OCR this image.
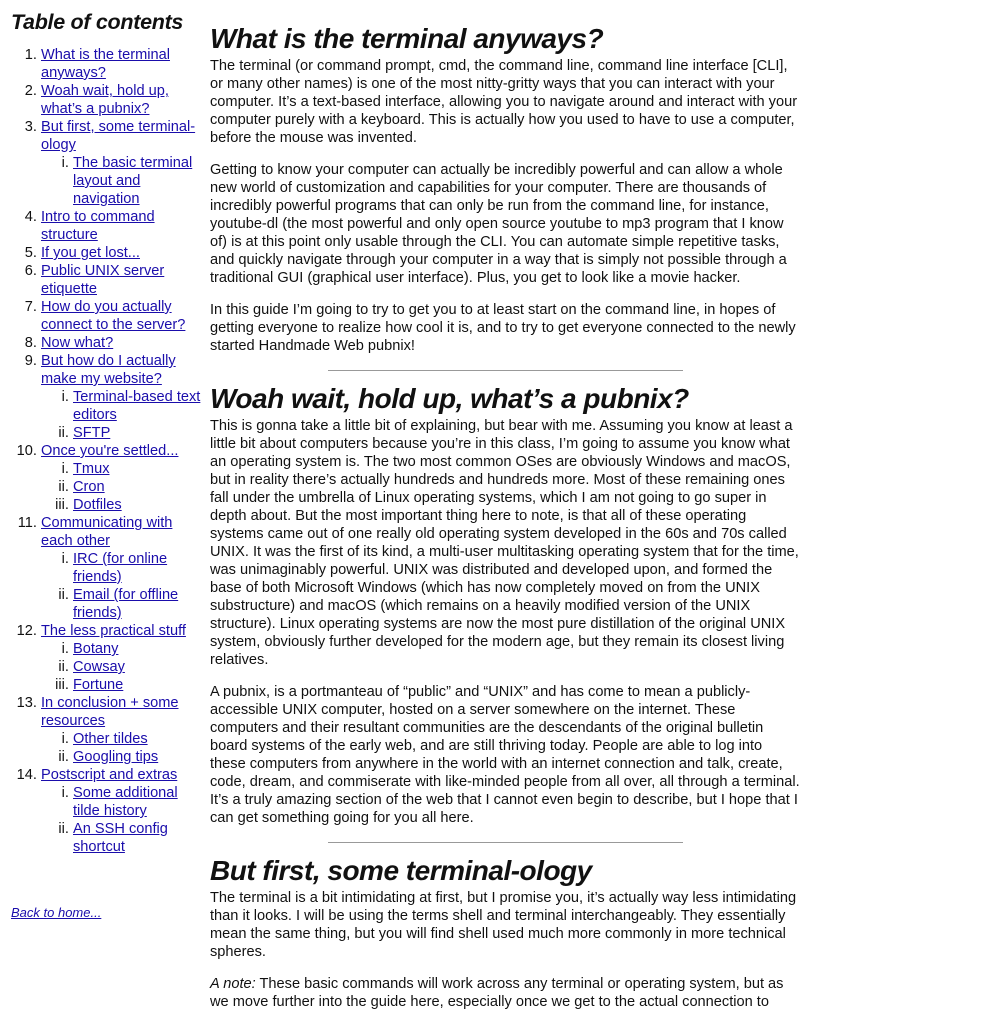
Table of contents
1. What is the terminal anyways?
2. Woah wait, hold up, what’s a pubnix?
3. But first, some terminal-ology
i. The basic terminal layout and navigation
4. Intro to command structure
5. If you get lost...
6. Public UNIX server etiquette
7. How do you actually connect to the server?
8. Now what?
9. But how do I actually make my website?
i. Terminal-based text editors
ii. SFTP
10. Once you're settled...
i. Tmux
ii. Cron
iii. Dotfiles
11. Communicating with each other
i. IRC (for online friends)
ii. Email (for offline friends)
12. The less practical stuff
i. Botany
ii. Cowsay
iii. Fortune
13. In conclusion + some resources
i. Other tildes
ii. Googling tips
14. Postscript and extras
i. Some additional tilde history
ii. An SSH config shortcut
Back to home...
What is the terminal anyways?

The terminal (or command prompt, cmd, the command line, command line interface [CLI], or many other names) is one of the most nitty-gritty ways that you can interact with your computer. It’s a text-based interface, allowing you to navigate around and interact with your computer purely with a keyboard. This is actually how you used to have to use a computer, before the mouse was invented.

Getting to know your computer can actually be incredibly powerful and can allow a whole new world of customization and capabilities for your computer. There are thousands of incredibly powerful programs that can only be run from the command line, for instance, youtube-dl (the most powerful and only open source youtube to mp3 program that I know of) is at this point only usable through the CLI. You can automate simple repetitive tasks, and quickly navigate through your computer in a way that is simply not possible through a traditional GUI (graphical user interface). Plus, you get to look like a movie hacker.

In this guide I’m going to try to get you to at least start on the command line, in hopes of getting everyone to realize how cool it is, and to try to get everyone connected to the newly started Handmade Web pubnix!

Woah wait, hold up, what’s a pubnix?

This is gonna take a little bit of explaining, but bear with me. Assuming you know at least a little bit about computers because you’re in this class, I’m going to assume you know what an operating system is. The two most common OSes are obviously Windows and macOS, but in reality there’s actually hundreds and hundreds more. Most of these remaining ones fall under the umbrella of Linux operating systems, which I am not going to go super in depth about. But the most important thing here to note, is that all of these operating systems came out of one really old operating system developed in the 60s and 70s called UNIX. It was the first of its kind, a multi-user multitasking operating system that for the time, was unimaginably powerful. UNIX was distributed and developed upon, and formed the base of both Microsoft Windows (which has now completely moved on from the UNIX substructure) and macOS (which remains on a heavily modified version of the UNIX structure). Linux operating systems are now the most pure distillation of the original UNIX system, obviously further developed for the modern age, but they remain its closest living relatives.

A pubnix, is a portmanteau of “public” and “UNIX” and has come to mean a publicly-accessible UNIX computer, hosted on a server somewhere on the internet. These computers and their resultant communities are the descendants of the original bulletin board systems of the early web, and are still thriving today. People are able to log into these computers from anywhere in the world with an internet connection and talk, create, code, dream, and commiserate with like-minded people from all over, all through a terminal. It’s a truly amazing section of the web that I cannot even begin to describe, but I hope that I can get something going for you all here.

But first, some terminal-ology

The terminal is a bit intimidating at first, but I promise you, it’s actually way less intimidating than it looks. I will be using the terms shell and terminal interchangeably. They essentially mean the same thing, but you will find shell used much more commonly in more technical spheres.

A note: These basic commands will work across any terminal or operating system, but as we move further into the guide here, especially once we get to the actual connection to
